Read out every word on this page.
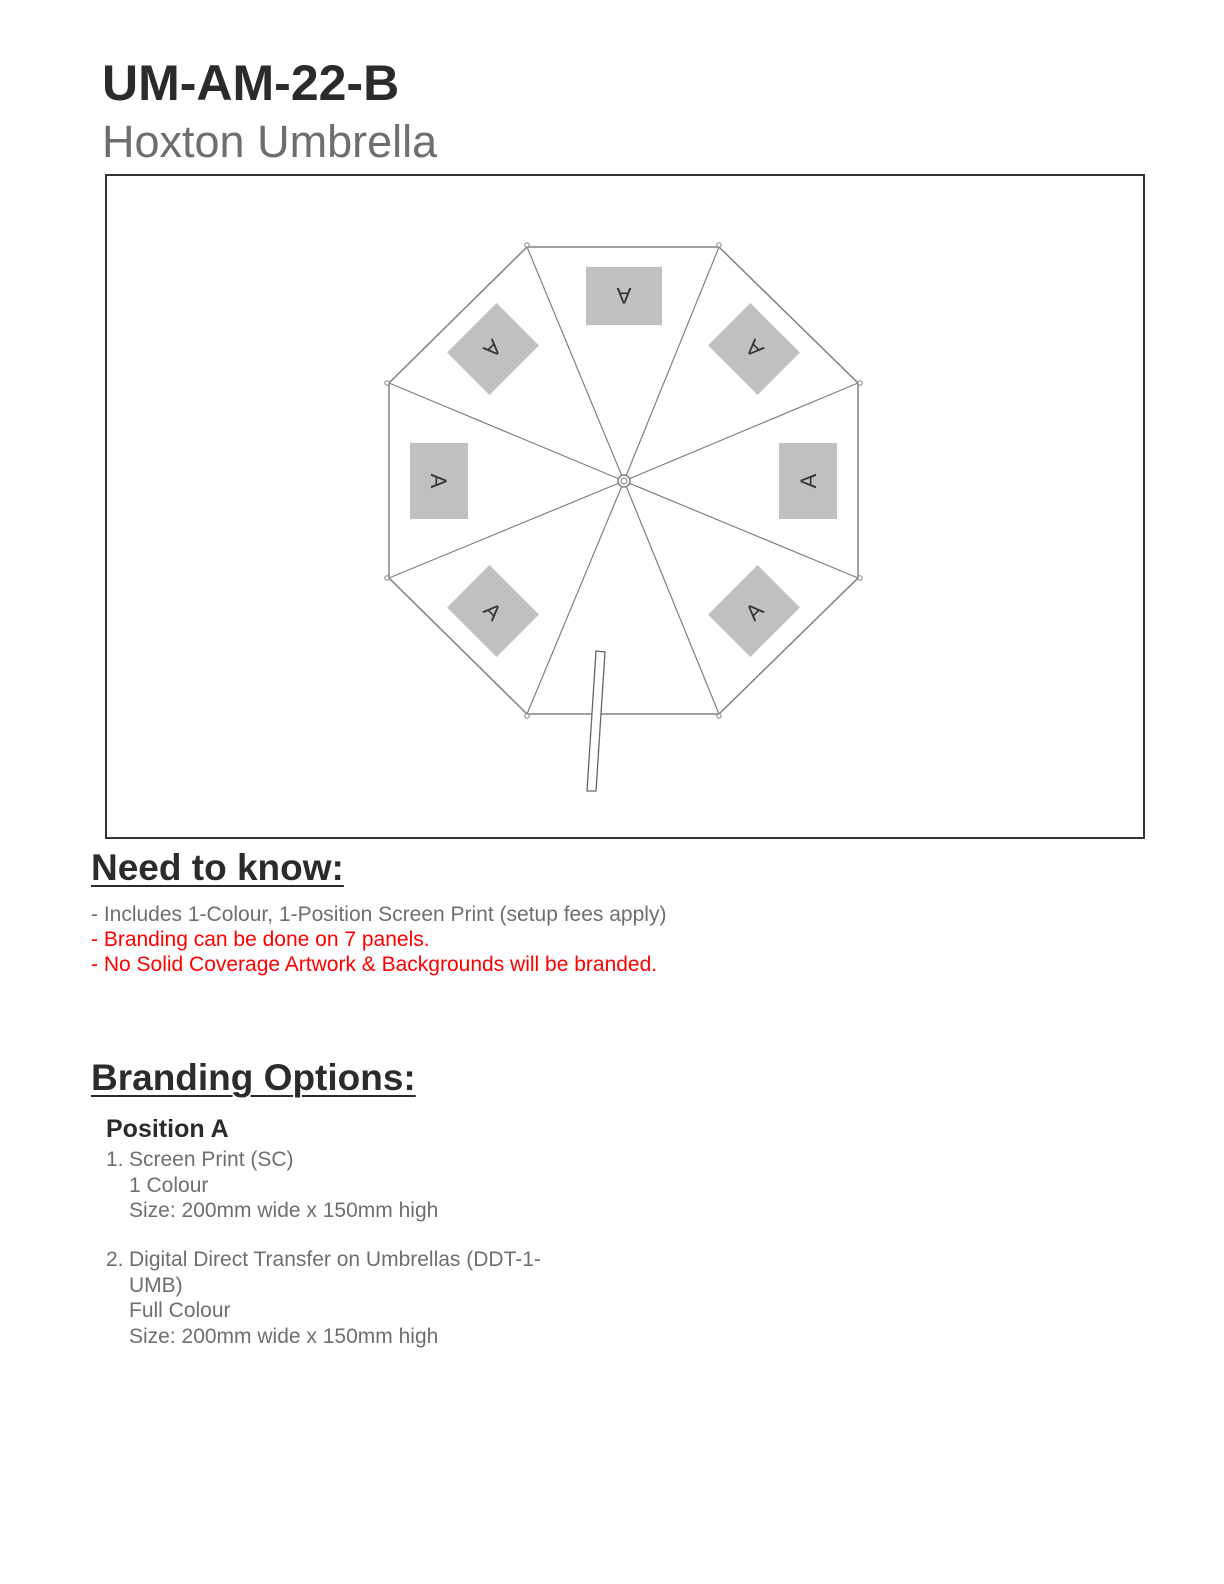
UM-AM-22-B
Hoxton Umbrella
A
A
A
A
A
A
A
Need to know:
- Includes 1-Colour, 1-Position Screen Print (setup fees apply)
- Branding can be done on 7 panels.
- No Solid Coverage Artwork & Backgrounds will be branded.
Branding Options:
Position A
1. Screen Print (SC)
1 Colour
Size: 200mm wide x 150mm high
2. Digital Direct Transfer on Umbrellas (DDT-1-
UMB)
Full Colour
Size: 200mm wide x 150mm high
